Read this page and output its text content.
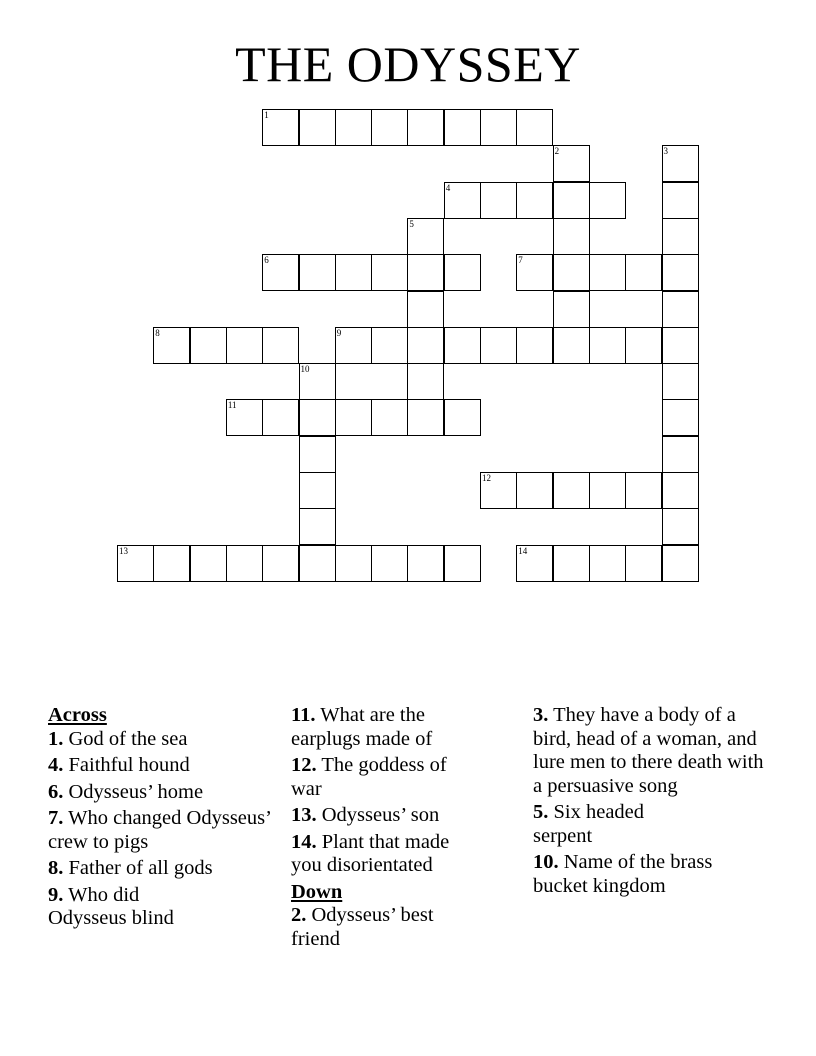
THE ODYSSEY
1
4
6	7
8	9
11
12
13	14
2	3
5
10
Across
1. God of the sea
4. Faithful hound
6. Odysseus’ home
7. Who changed Odysseus’ crew to pigs
8. Father of all gods
9. Who did Odysseus blind
11. What are the earplugs made of
12. The goddess of war
13. Odysseus’ son
14. Plant that made you disorientated
Down
2. Odysseus’ best friend
3. They have a body of a bird, head of a woman, and lure men to there death with a persuasive song
5. Six headed serpent
10. Name of the brass bucket kingdom
